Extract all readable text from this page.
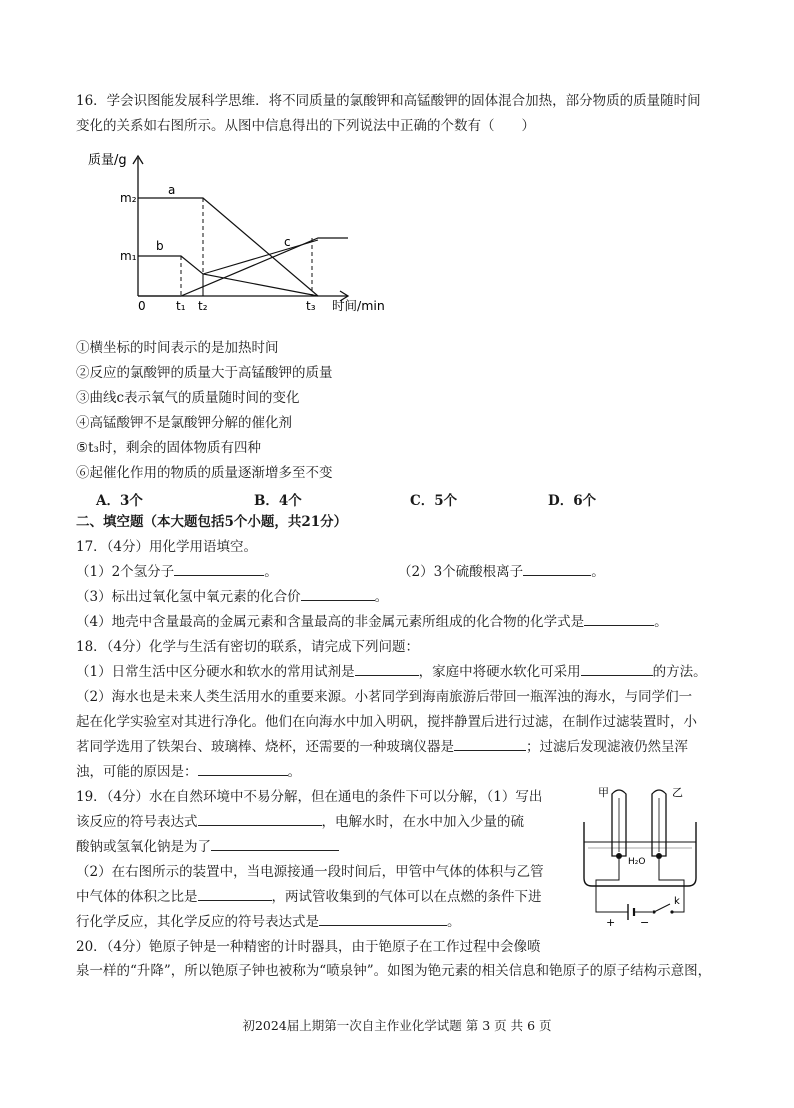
16．学会识图能发展科学思维．将不同质量的氯酸钾和高锰酸钾的固体混合加热，部分物质的质量随时间
变化的关系如右图所示。从图中信息得出的下列说法中正确的个数有（　　）
质量/g
时间/min
0
m₂
m₁
t₁ t₂	t₃
a
b	c
①横坐标的时间表示的是加热时间
②反应的氯酸钾的质量大于高锰酸钾的质量
③曲线c表示氧气的质量随时间的变化
④高锰酸钾不是氯酸钾分解的催化剂
⑤t₃时，剩余的固体物质有四种
⑥起催化作用的物质的质量逐渐增多至不变
A．3个	B．4个	C．5个	D．6个
二、填空题（本大题包括5个小题，共21分）
17．（4分）用化学用语填空。
（1）2个氢分子	。	（2）3个硫酸根离子	。
（3）标出过氧化氢中氧元素的化合价	。
（4）地壳中含量最高的金属元素和含量最高的非金属元素所组成的化合物的化学式是	。
18．（4分）化学与生活有密切的联系，请完成下列问题：
（1）日常生活中区分硬水和软水的常用试剂是	，家庭中将硬水软化可采用	的方法。
（2）海水也是未来人类生活用水的重要来源。小茗同学到海南旅游后带回一瓶浑浊的海水，与同学们一
起在化学实验室对其进行净化。他们在向海水中加入明矾，搅拌静置后进行过滤，在制作过滤装置时，小
茗同学选用了铁架台、玻璃棒、烧杯，还需要的一种玻璃仪器是	；过滤后发现滤液仍然呈浑
浊，可能的原因是：	。
19．（4分）水在自然环境中不易分解，但在通电的条件下可以分解，（1）写出
该反应的符号表达式	，电解水时，在水中加入少量的硫
酸钠或氢氧化钠是为了
（2）在右图所示的装置中，当电源接通一段时间后，甲管中气体的体积与乙管
中气体的体积之比是	，两试管收集到的气体可以在点燃的条件下进
行化学反应，其化学反应的符号表达式是	。
甲	乙
H₂O
+ −
k
20．（4分）铯原子钟是一种精密的计时器具，由于铯原子在工作过程中会像喷
泉一样的“升降”，所以铯原子钟也被称为“喷泉钟”。如图为铯元素的相关信息和铯原子的原子结构示意图，
初2024届上期第一次自主作业化学试题 第 3 页 共 6 页
